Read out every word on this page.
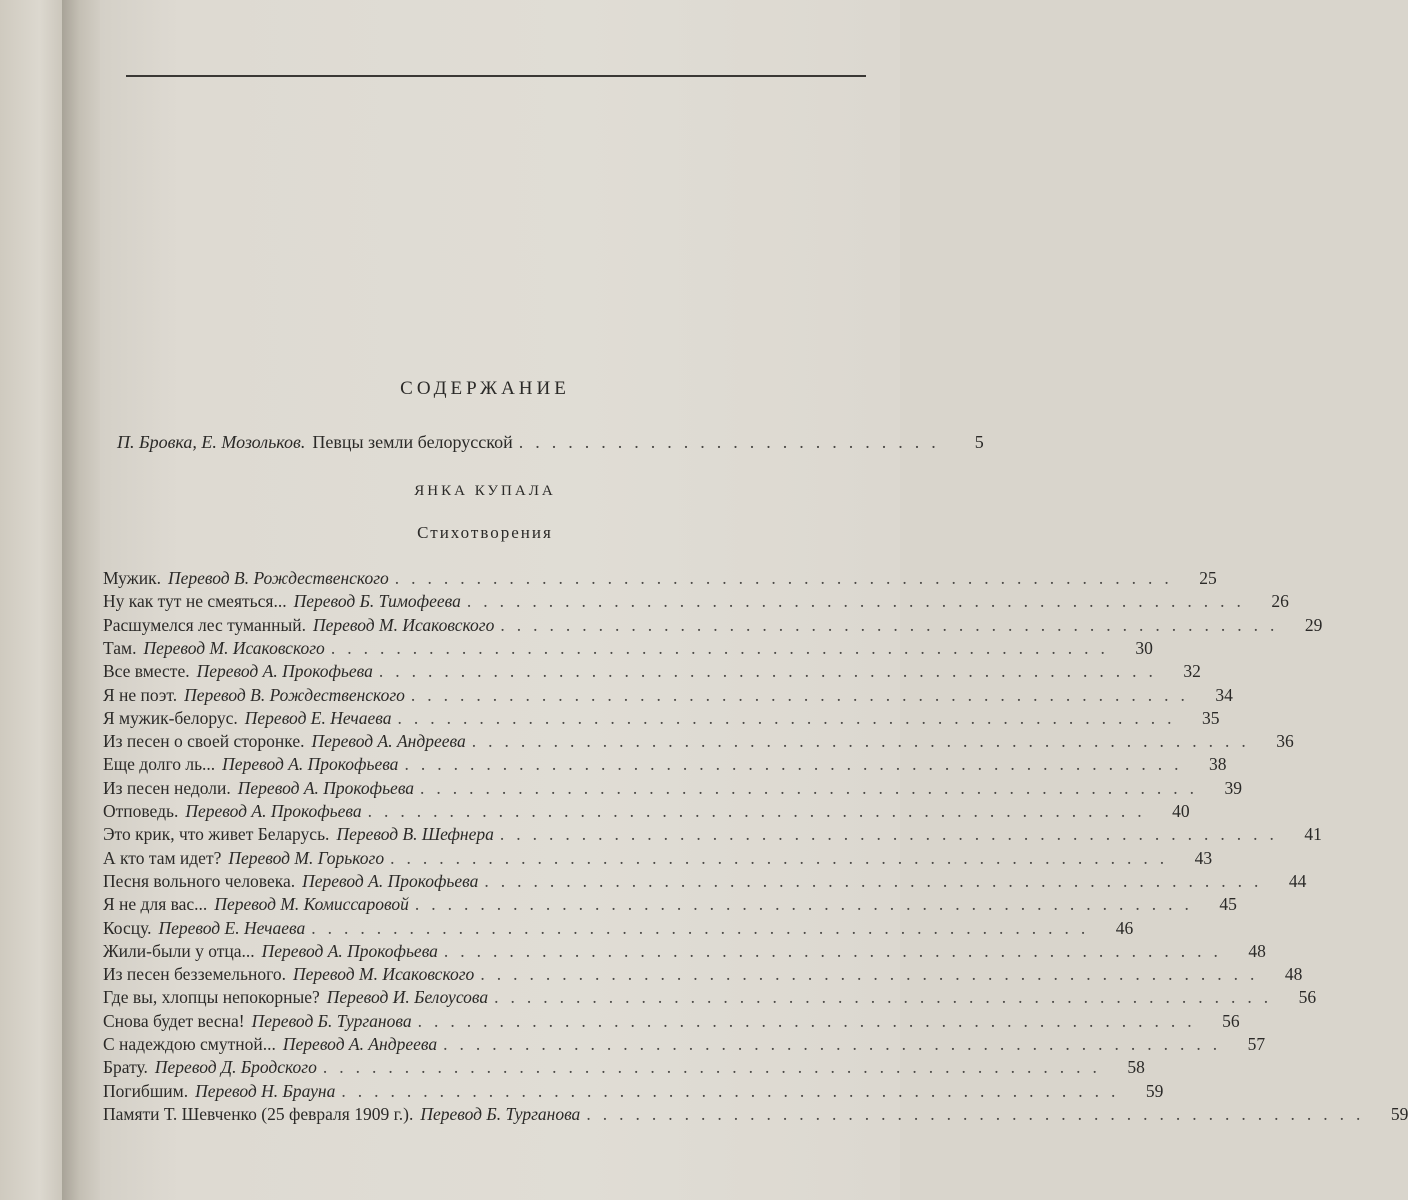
СОДЕРЖАНИЕ
П. Бровка, Е. Мозольков. Певцы земли белорусской ..........................	5
ЯНКА КУПАЛА
Стихотворения
Мужик. Перевод В. Рождественского ................................................	25
Ну как тут не смеяться... Перевод Б. Тимофеева ................................................	26
Расшумелся лес туманный. Перевод М. Исаковского ................................................	29
Там. Перевод М. Исаковского ................................................	30
Все вместе. Перевод А. Прокофьева ................................................	32
Я не поэт. Перевод В. Рождественского ................................................	34
Я мужик-белорус. Перевод Е. Нечаева ................................................	35
Из песен о своей сторонке. Перевод А. Андреева ................................................	36
Еще долго ль... Перевод А. Прокофьева ................................................	38
Из песен недоли. Перевод А. Прокофьева ................................................	39
Отповедь. Перевод А. Прокофьева ................................................	40
Это крик, что живет Беларусь. Перевод В. Шефнера ................................................	41
А кто там идет? Перевод М. Горького ................................................	43
Песня вольного человека. Перевод А. Прокофьева ................................................	44
Я не для вас... Перевод М. Комиссаровой ................................................	45
Косцу. Перевод Е. Нечаева ................................................	46
Жили-были у отца... Перевод А. Прокофьева ................................................	48
Из песен безземельного. Перевод М. Исаковского ................................................	48
Где вы, хлопцы непокорные? Перевод И. Белоусова ................................................	56
Снова будет весна! Перевод Б. Турганова ................................................	56
С надеждою смутной... Перевод А. Андреева ................................................	57
Брату. Перевод Д. Бродского ................................................	58
Погибшим. Перевод Н. Брауна ................................................	59
Памяти Т. Шевченко (25 февраля 1909 г.). Перевод Б. Турганова ................................................	59
